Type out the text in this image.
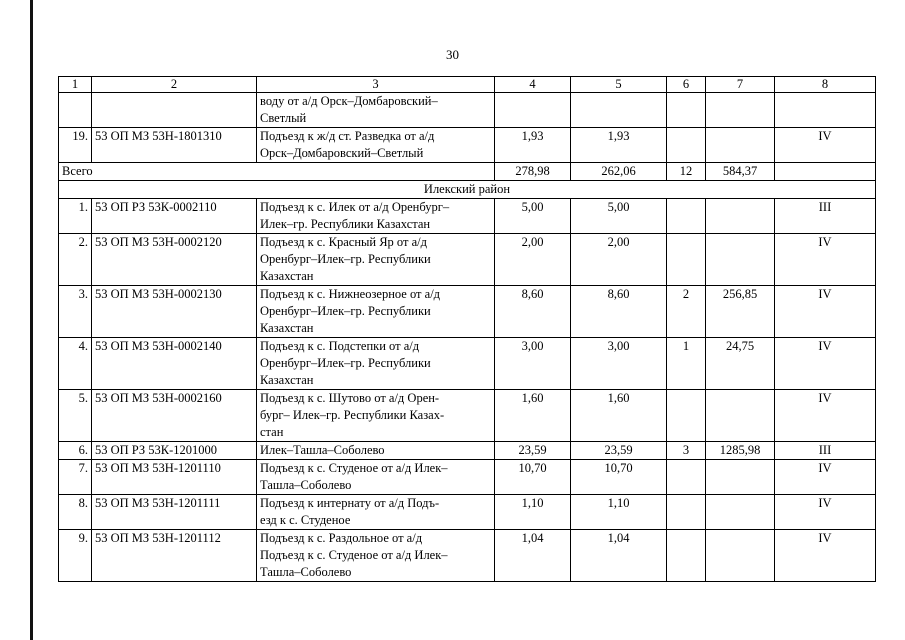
30
1	2	3	4	5	6	7	8

		воду от а/д Орск–Домбаровский–
Светлый					

19.	53 ОП МЗ 53Н-1801310	Подъезд к ж/д ст. Разведка от а/д
Орск–Домбаровский–Светлый	1,93	1,93			IV
Всего			278,98	262,06	12	584,37	
Илекский район							
1.	53 ОП РЗ 53К-0002110	Подъезд к с. Илек от а/д Оренбург–
Илек–гр. Республики Казахстан	5,00	5,00			III
2.	53 ОП МЗ 53Н-0002120	Подъезд к с. Красный Яр от а/д
Оренбург–Илек–гр. Республики
Казахстан	2,00	2,00			IV
3.	53 ОП МЗ 53Н-0002130	Подъезд к с. Нижнеозерное от а/д
Оренбург–Илек–гр. Республики
Казахстан	8,60	8,60	2	256,85	IV
4.	53 ОП МЗ 53Н-0002140	Подъезд к с. Подстепки от а/д
Оренбург–Илек–гр. Республики
Казахстан	3,00	3,00	1	24,75	IV
5.	53 ОП МЗ 53Н-0002160	Подъезд к с. Шутово от а/д Орен-
бург– Илек–гр. Республики Казах-
стан	1,60	1,60			IV
6.	53 ОП РЗ 53К-1201000	Илек–Ташла–Соболево	23,59	23,59	3	1285,98	III
7.	53 ОП МЗ 53Н-1201110	Подъезд к с. Студеное от а/д Илек–
Ташла–Соболево	10,70	10,70			IV
8.	53 ОП МЗ 53Н-1201111	Подъезд к интернату от а/д Подъ-
езд к с. Студеное	1,10	1,10			IV
9.	53 ОП МЗ 53Н-1201112	Подъезд к с. Раздольное от а/д
Подъезд к с. Студеное от а/д Илек–
Ташла–Соболево	1,04	1,04			IV
